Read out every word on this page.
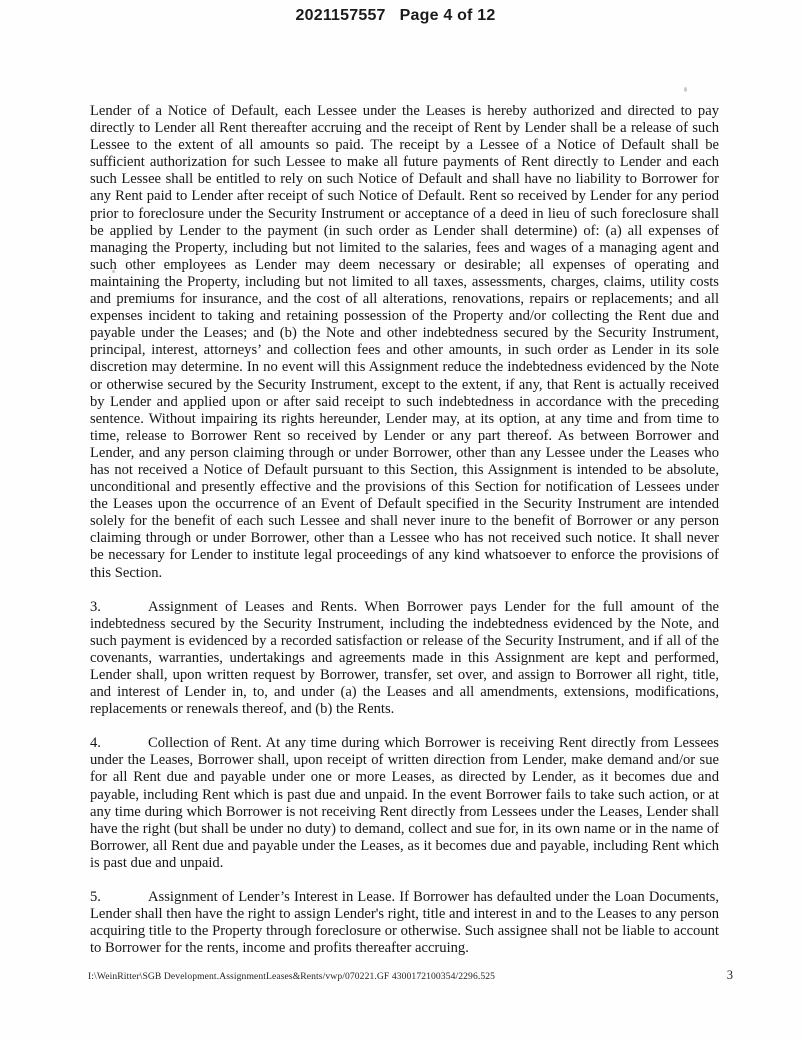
2021157557 Page 4 of 12

Lender of a Notice of Default, each Lessee under the Leases is hereby authorized and directed to pay directly to Lender all Rent thereafter accruing and the receipt of Rent by Lender shall be a release of such Lessee to the extent of all amounts so paid. The receipt by a Lessee of a Notice of Default shall be sufficient authorization for such Lessee to make all future payments of Rent directly to Lender and each such Lessee shall be entitled to rely on such Notice of Default and shall have no liability to Borrower for any Rent paid to Lender after receipt of such Notice of Default. Rent so received by Lender for any period prior to foreclosure under the Security Instrument or acceptance of a deed in lieu of such foreclosure shall be applied by Lender to the payment (in such order as Lender shall determine) of: (a) all expenses of managing the Property, including but not limited to the salaries, fees and wages of a managing agent and such other employees as Lender may deem necessary or desirable; all expenses of operating and maintaining the Property, including but not limited to all taxes, assessments, charges, claims, utility costs and premiums for insurance, and the cost of all alterations, renovations, repairs or replacements; and all expenses incident to taking and retaining possession of the Property and/or collecting the Rent due and payable under the Leases; and (b) the Note and other indebtedness secured by the Security Instrument, principal, interest, attorneys’ and collection fees and other amounts, in such order as Lender in its sole discretion may determine. In no event will this Assignment reduce the indebtedness evidenced by the Note or otherwise secured by the Security Instrument, except to the extent, if any, that Rent is actually received by Lender and applied upon or after said receipt to such indebtedness in accordance with the preceding sentence. Without impairing its rights hereunder, Lender may, at its option, at any time and from time to time, release to Borrower Rent so received by Lender or any part thereof. As between Borrower and Lender, and any person claiming through or under Borrower, other than any Lessee under the Leases who has not received a Notice of Default pursuant to this Section, this Assignment is intended to be absolute, unconditional and presently effective and the provisions of this Section for notification of Lessees under the Leases upon the occurrence of an Event of Default specified in the Security Instrument are intended solely for the benefit of each such Lessee and shall never inure to the benefit of Borrower or any person claiming through or under Borrower, other than a Lessee who has not received such notice. It shall never be necessary for Lender to institute legal proceedings of any kind whatsoever to enforce the provisions of this Section.

3.	Assignment of Leases and Rents. When Borrower pays Lender for the full amount of the indebtedness secured by the Security Instrument, including the indebtedness evidenced by the Note, and such payment is evidenced by a recorded satisfaction or release of the Security Instrument, and if all of the covenants, warranties, undertakings and agreements made in this Assignment are kept and performed, Lender shall, upon written request by Borrower, transfer, set over, and assign to Borrower all right, title, and interest of Lender in, to, and under (a) the Leases and all amendments, extensions, modifications, replacements or renewals thereof, and (b) the Rents.

4.	Collection of Rent. At any time during which Borrower is receiving Rent directly from Lessees under the Leases, Borrower shall, upon receipt of written direction from Lender, make demand and/or sue for all Rent due and payable under one or more Leases, as directed by Lender, as it becomes due and payable, including Rent which is past due and unpaid. In the event Borrower fails to take such action, or at any time during which Borrower is not receiving Rent directly from Lessees under the Leases, Lender shall have the right (but shall be under no duty) to demand, collect and sue for, in its own name or in the name of Borrower, all Rent due and payable under the Leases, as it becomes due and payable, including Rent which is past due and unpaid.

5.	Assignment of Lender’s Interest in Lease. If Borrower has defaulted under the Loan Documents, Lender shall then have the right to assign Lender's right, title and interest in and to the Leases to any person acquiring title to the Property through foreclosure or otherwise. Such assignee shall not be liable to account to Borrower for the rents, income and profits thereafter accruing.

I:\WeinRitter\SGB Development.AssignmentLeases&Rents/vwp/070221.GF 4300172100354/2296.525	3
